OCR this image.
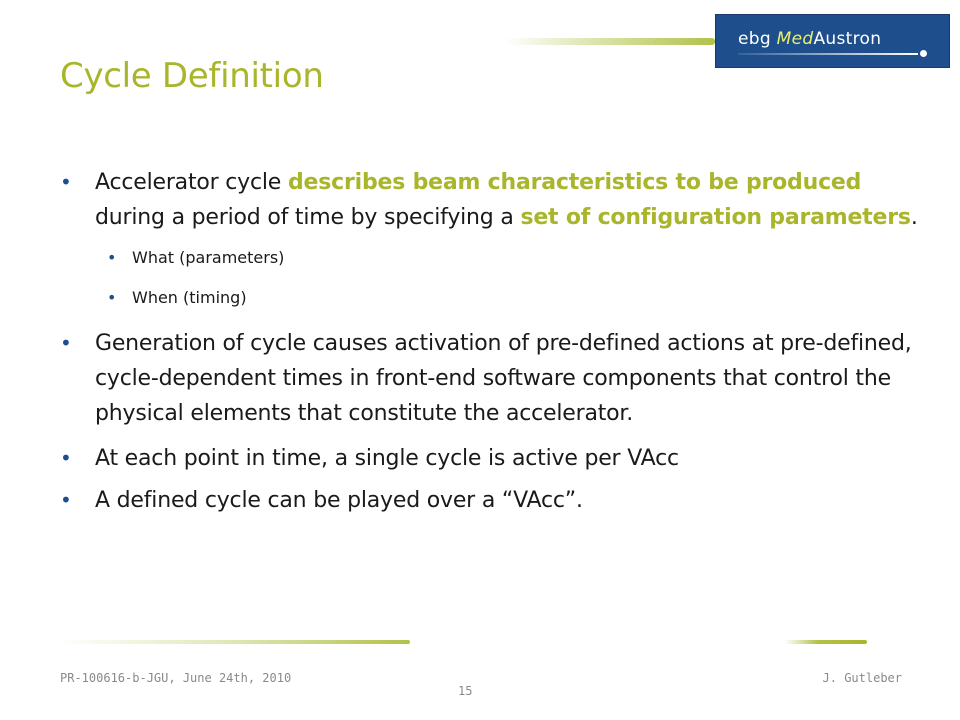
ebg MedAustron
Cycle Definition
• Accelerator cycle describes beam characteristics to be produced during a period of time by specifying a set of configuration parameters.
• What (parameters)
• When (timing)
• Generation of cycle causes activation of pre-defined actions at pre-defined, cycle-dependent times in front-end software components that control the physical elements that constitute the accelerator.
• At each point in time, a single cycle is active per VAcc
• A defined cycle can be played over a “VAcc”.
PR-100616-b-JGU, June 24th, 2010	J. Gutleber
15
